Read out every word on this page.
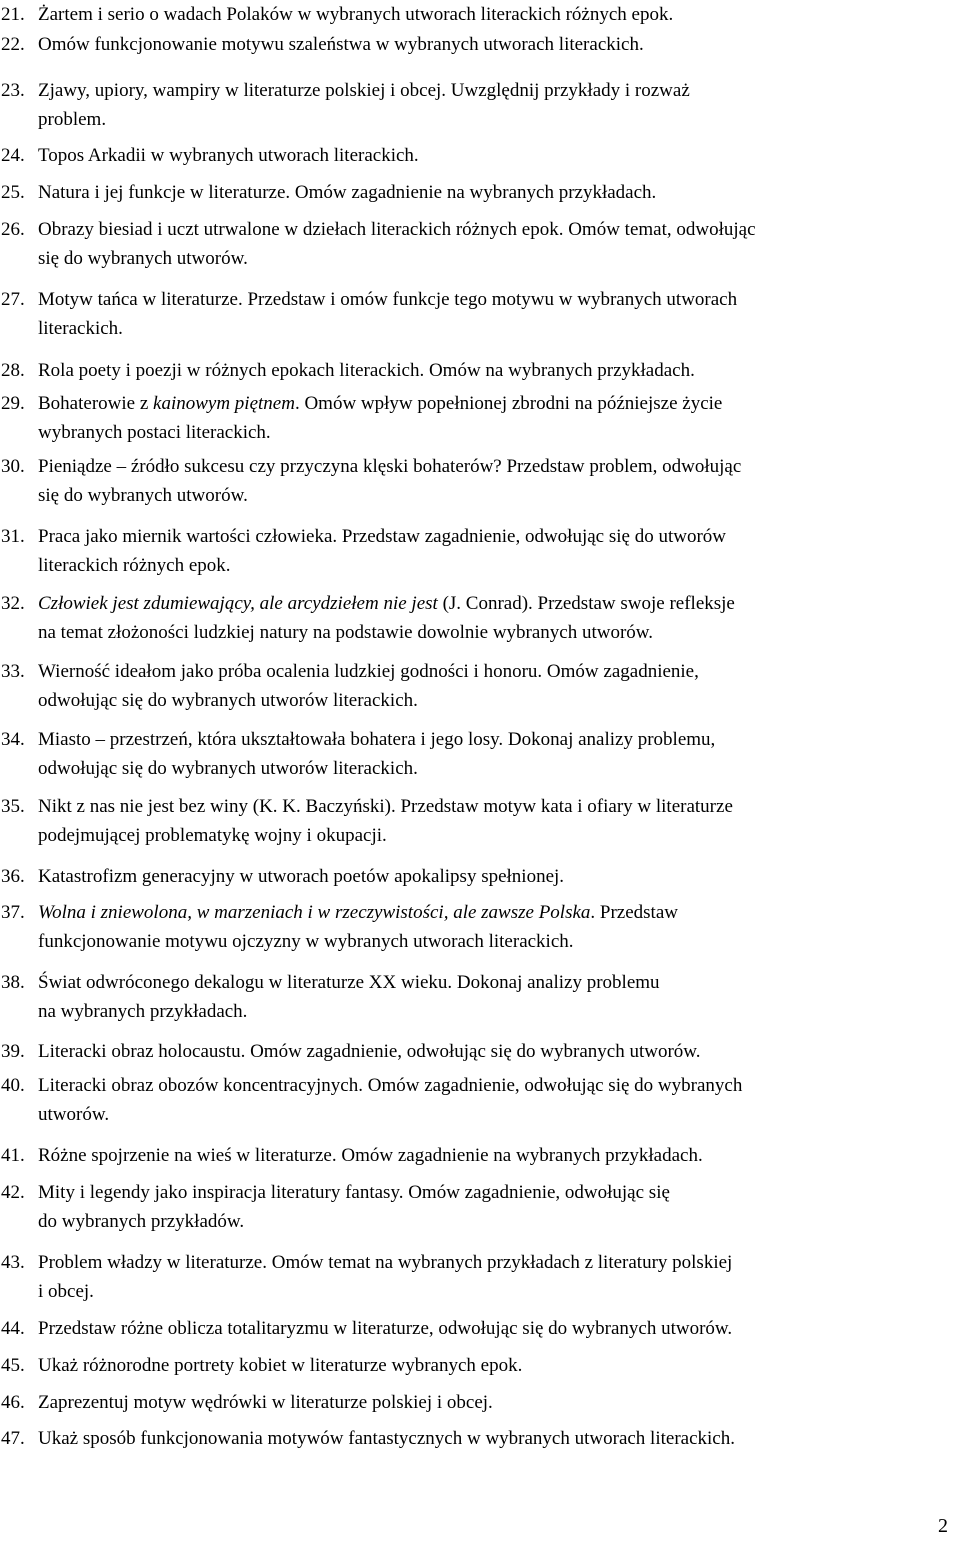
21. Żartem i serio o wadach Polaków w wybranych utworach literackich różnych epok.
22. Omów funkcjonowanie motywu szaleństwa w wybranych utworach literackich.
23. Zjawy, upiory, wampiry w literaturze polskiej i obcej. Uwzględnij przykłady i rozważ
problem.
24. Topos Arkadii w wybranych utworach literackich.
25. Natura i jej funkcje w literaturze. Omów zagadnienie na wybranych przykładach.
26. Obrazy biesiad i uczt utrwalone w dziełach literackich różnych epok. Omów temat, odwołując
się do wybranych utworów.
27. Motyw tańca w literaturze. Przedstaw i omów funkcje tego motywu w wybranych utworach
literackich.
28. Rola poety i poezji w różnych epokach literackich. Omów na wybranych przykładach.
29. Bohaterowie z kainowym piętnem. Omów wpływ popełnionej zbrodni na późniejsze życie
wybranych postaci literackich.
30. Pieniądze – źródło sukcesu czy przyczyna klęski bohaterów? Przedstaw problem, odwołując
się do wybranych utworów.
31. Praca jako miernik wartości człowieka. Przedstaw zagadnienie, odwołując się do utworów
literackich różnych epok.
32. Człowiek jest zdumiewający, ale arcydziełem nie jest (J. Conrad). Przedstaw swoje refleksje
na temat złożoności ludzkiej natury na podstawie dowolnie wybranych utworów.
33. Wierność ideałom jako próba ocalenia ludzkiej godności i honoru. Omów zagadnienie,
odwołując się do wybranych utworów literackich.
34. Miasto – przestrzeń, która ukształtowała bohatera i jego losy. Dokonaj analizy problemu,
odwołując się do wybranych utworów literackich.
35. Nikt z nas nie jest bez winy (K. K. Baczyński). Przedstaw motyw kata i ofiary w literaturze
podejmującej problematykę wojny i okupacji.
36. Katastrofizm generacyjny w utworach poetów apokalipsy spełnionej.
37. Wolna i zniewolona, w marzeniach i w rzeczywistości, ale zawsze Polska. Przedstaw
funkcjonowanie motywu ojczyzny w wybranych utworach literackich.
38. Świat odwróconego dekalogu w literaturze XX wieku. Dokonaj analizy problemu
na wybranych przykładach.
39. Literacki obraz holocaustu. Omów zagadnienie, odwołując się do wybranych utworów.
40. Literacki obraz obozów koncentracyjnych. Omów zagadnienie, odwołując się do wybranych
utworów.
41. Różne spojrzenie na wieś w literaturze. Omów zagadnienie na wybranych przykładach.
42. Mity i legendy jako inspiracja literatury fantasy. Omów zagadnienie, odwołując się
do wybranych przykładów.
43. Problem władzy w literaturze. Omów temat na wybranych przykładach z literatury polskiej
i obcej.
44. Przedstaw różne oblicza totalitaryzmu w literaturze, odwołując się do wybranych utworów.
45. Ukaż różnorodne portrety kobiet w literaturze wybranych epok.
46. Zaprezentuj motyw wędrówki w literaturze polskiej i obcej.
47. Ukaż sposób funkcjonowania motywów fantastycznych w wybranych utworach literackich.
2
